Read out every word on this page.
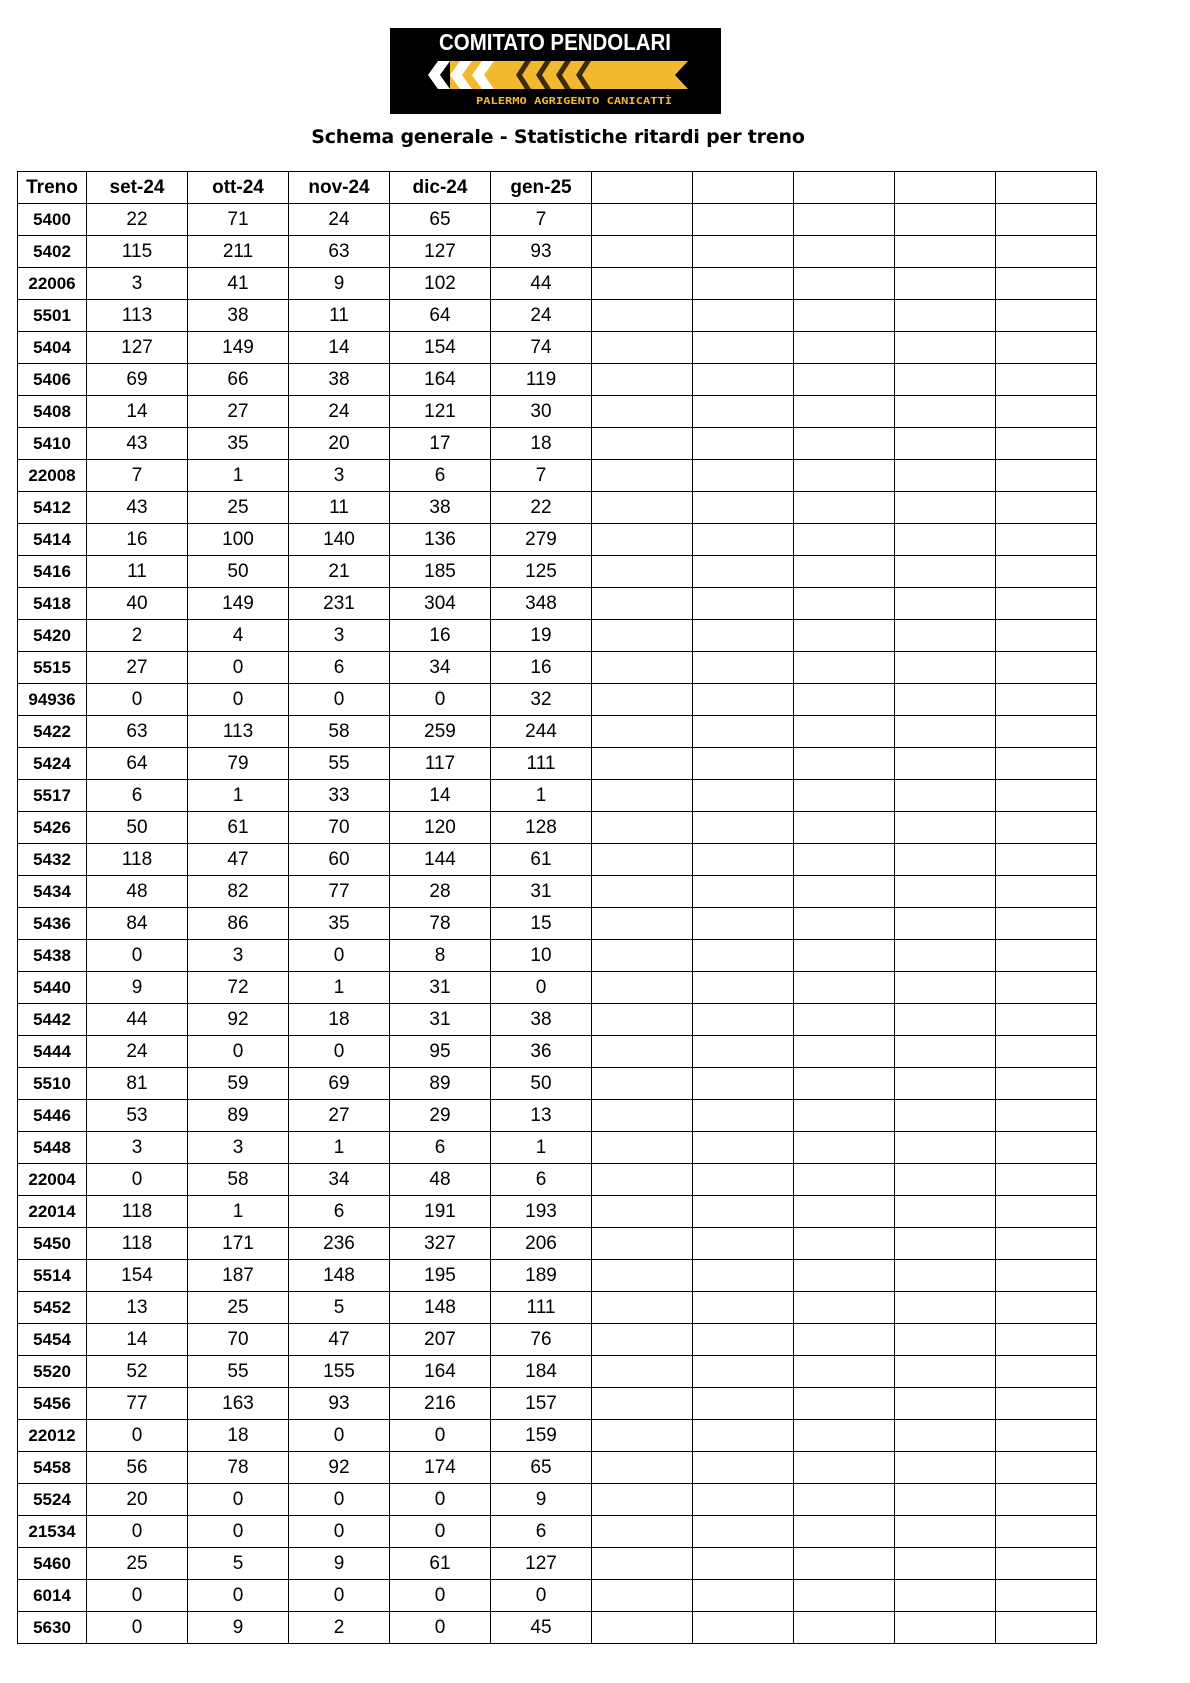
COMITATO PENDOLARI
PALERMO AGRIGENTO CANICATTÌ
Schema generale - Statistiche ritardi per treno
Treno	set-24	ott-24	nov-24	dic-24	gen-25					
5400	22	71	24	65	7					
5402	115	211	63	127	93					
22006	3	41	9	102	44					
5501	113	38	11	64	24					
5404	127	149	14	154	74					
5406	69	66	38	164	119					
5408	14	27	24	121	30					
5410	43	35	20	17	18					
22008	7	1	3	6	7					
5412	43	25	11	38	22					
5414	16	100	140	136	279					
5416	11	50	21	185	125					
5418	40	149	231	304	348					
5420	2	4	3	16	19					
5515	27	0	6	34	16					
94936	0	0	0	0	32					
5422	63	113	58	259	244					
5424	64	79	55	117	111					
5517	6	1	33	14	1					
5426	50	61	70	120	128					
5432	118	47	60	144	61					
5434	48	82	77	28	31					
5436	84	86	35	78	15					
5438	0	3	0	8	10					
5440	9	72	1	31	0					
5442	44	92	18	31	38					
5444	24	0	0	95	36					
5510	81	59	69	89	50					
5446	53	89	27	29	13					
5448	3	3	1	6	1					
22004	0	58	34	48	6					
22014	118	1	6	191	193					
5450	118	171	236	327	206					
5514	154	187	148	195	189					
5452	13	25	5	148	111					
5454	14	70	47	207	76					
5520	52	55	155	164	184					
5456	77	163	93	216	157					
22012	0	18	0	0	159					
5458	56	78	92	174	65					
5524	20	0	0	0	9					
21534	0	0	0	0	6					
5460	25	5	9	61	127					
6014	0	0	0	0	0					
5630	0	9	2	0	45					
